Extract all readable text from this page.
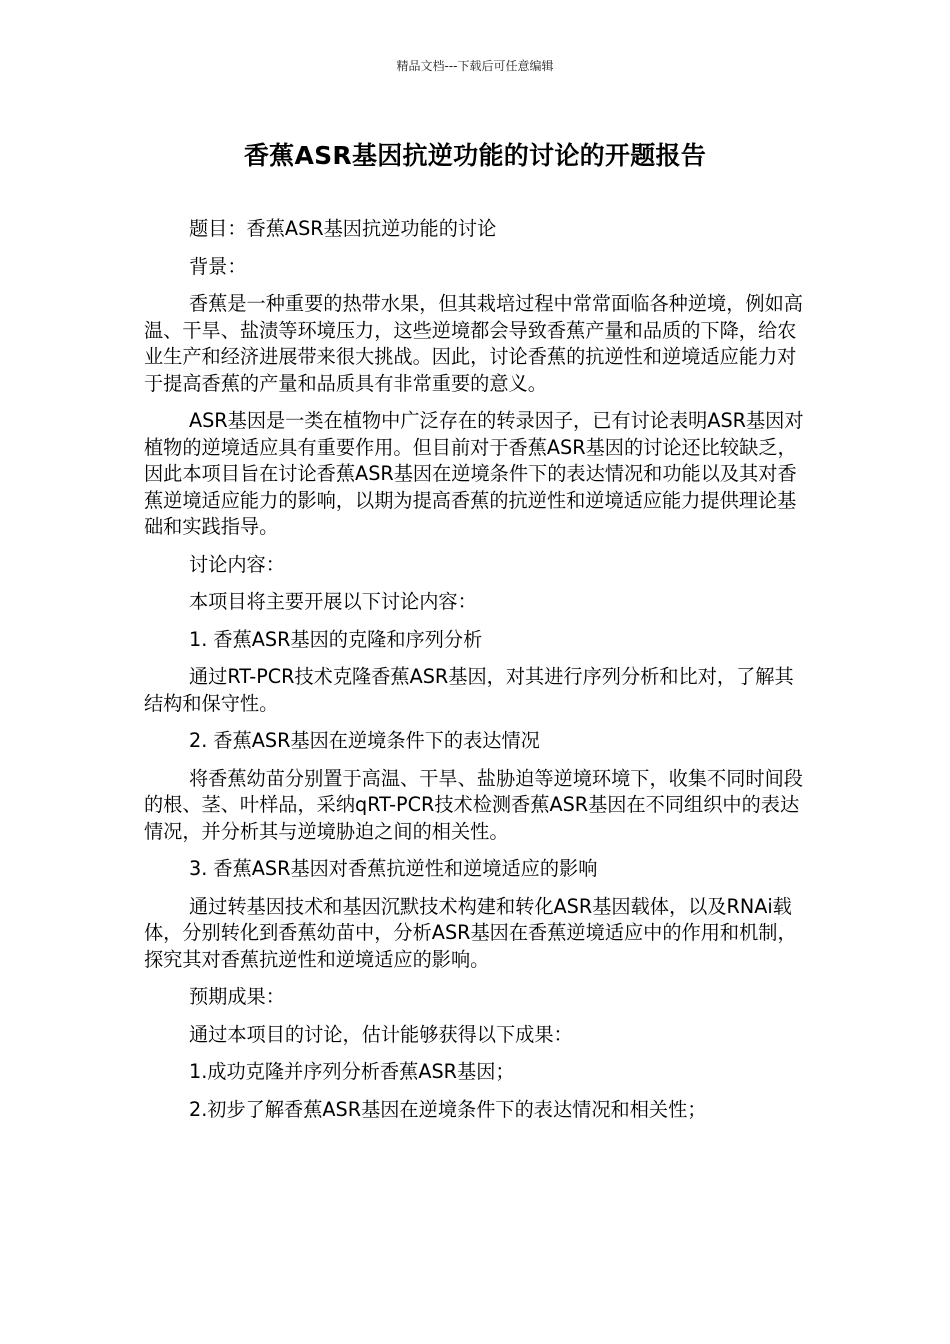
精品文档---下载后可任意编辑
香蕉ASR基因抗逆功能的讨论的开题报告

题目：香蕉ASR基因抗逆功能的讨论

背景：

香蕉是一种重要的热带水果，但其栽培过程中常常面临各种逆境，例如高温、干旱、盐渍等环境压力，这些逆境都会导致香蕉产量和品质的下降，给农业生产和经济进展带来很大挑战。因此，讨论香蕉的抗逆性和逆境适应能力对于提高香蕉的产量和品质具有非常重要的意义。

ASR基因是一类在植物中广泛存在的转录因子，已有讨论表明ASR基因对植物的逆境适应具有重要作用。但目前对于香蕉ASR基因的讨论还比较缺乏，因此本项目旨在讨论香蕉ASR基因在逆境条件下的表达情况和功能以及其对香蕉逆境适应能力的影响，以期为提高香蕉的抗逆性和逆境适应能力提供理论基础和实践指导。

讨论内容：

本项目将主要开展以下讨论内容：

1. 香蕉ASR基因的克隆和序列分析

通过RT-PCR技术克隆香蕉ASR基因，对其进行序列分析和比对，了解其结构和保守性。

2. 香蕉ASR基因在逆境条件下的表达情况

将香蕉幼苗分别置于高温、干旱、盐胁迫等逆境环境下，收集不同时间段的根、茎、叶样品，采纳qRT-PCR技术检测香蕉ASR基因在不同组织中的表达情况，并分析其与逆境胁迫之间的相关性。

3. 香蕉ASR基因对香蕉抗逆性和逆境适应的影响

通过转基因技术和基因沉默技术构建和转化ASR基因载体，以及RNAi载体，分别转化到香蕉幼苗中，分析ASR基因在香蕉逆境适应中的作用和机制，探究其对香蕉抗逆性和逆境适应的影响。

预期成果：

通过本项目的讨论，估计能够获得以下成果：

1.成功克隆并序列分析香蕉ASR基因；

2.初步了解香蕉ASR基因在逆境条件下的表达情况和相关性；
